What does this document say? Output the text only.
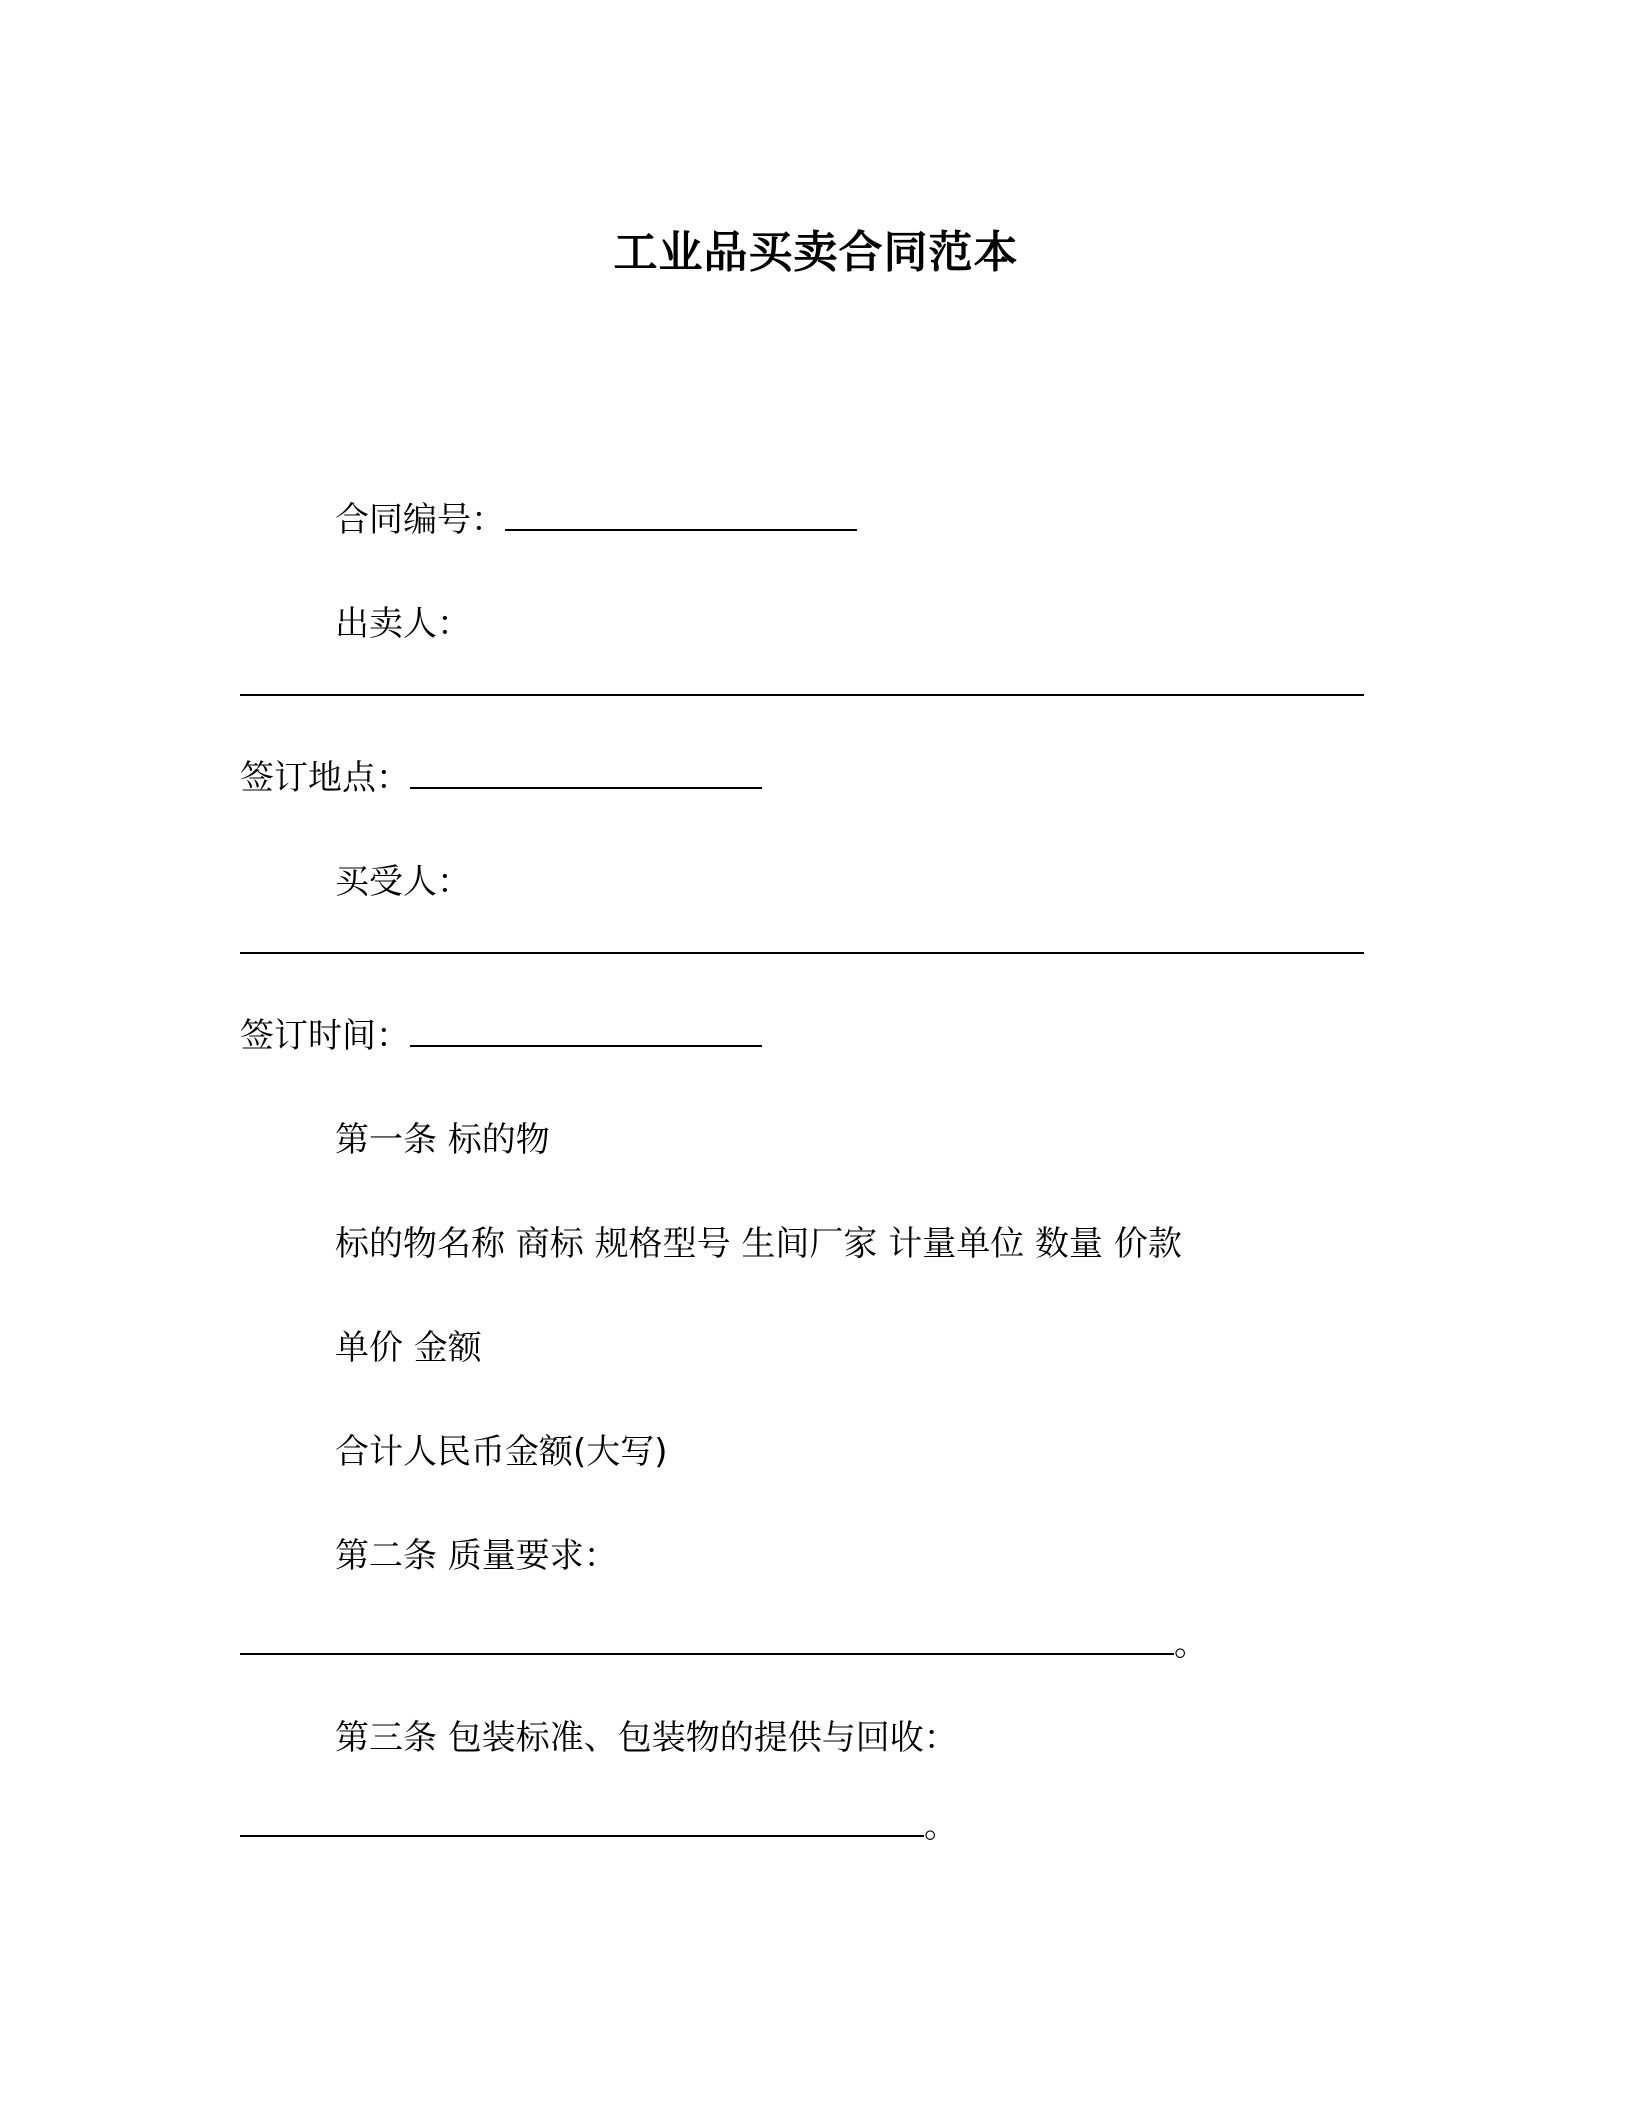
工业品买卖合同范本
合同编号：
出卖人：
签订地点：
买受人：
签订时间：
第一条 标的物
标的物名称 商标 规格型号 生间厂家 计量单位 数量 价款
单价 金额
合计人民币金额(大写)
第二条 质量要求：
。
第三条 包装标准、包装物的提供与回收：
。
